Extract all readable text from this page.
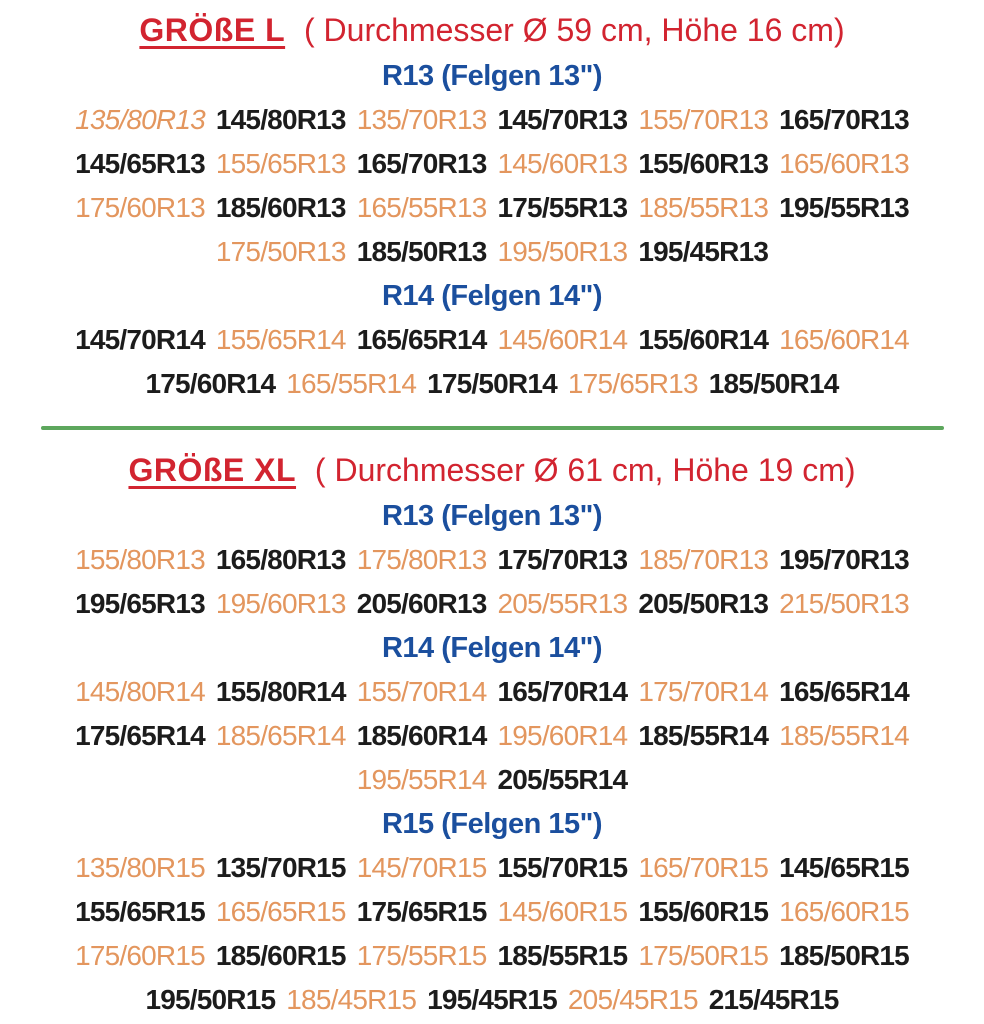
GRÖßE L ( Durchmesser Ø 59 cm, Höhe 16 cm)
R13 (Felgen 13")
135/80R13 145/80R13 135/70R13 145/70R13 155/70R13 165/70R13
145/65R13 155/65R13 165/70R13 145/60R13 155/60R13 165/60R13
175/60R13 185/60R13 165/55R13 175/55R13 185/55R13 195/55R13
175/50R13 185/50R13 195/50R13 195/45R13
R14 (Felgen 14")
145/70R14 155/65R14 165/65R14 145/60R14 155/60R14 165/60R14
175/60R14 165/55R14 175/50R14 175/65R13 185/50R14
GRÖßE XL ( Durchmesser Ø 61 cm, Höhe 19 cm)
R13 (Felgen 13")
155/80R13 165/80R13 175/80R13 175/70R13 185/70R13 195/70R13
195/65R13 195/60R13 205/60R13 205/55R13 205/50R13 215/50R13
R14 (Felgen 14")
145/80R14 155/80R14 155/70R14 165/70R14 175/70R14 165/65R14
175/65R14 185/65R14 185/60R14 195/60R14 185/55R14 185/55R14
195/55R14 205/55R14
R15 (Felgen 15")
135/80R15 135/70R15 145/70R15 155/70R15 165/70R15 145/65R15
155/65R15 165/65R15 175/65R15 145/60R15 155/60R15 165/60R15
175/60R15 185/60R15 175/55R15 185/55R15 175/50R15 185/50R15
195/50R15 185/45R15 195/45R15 205/45R15 215/45R15
